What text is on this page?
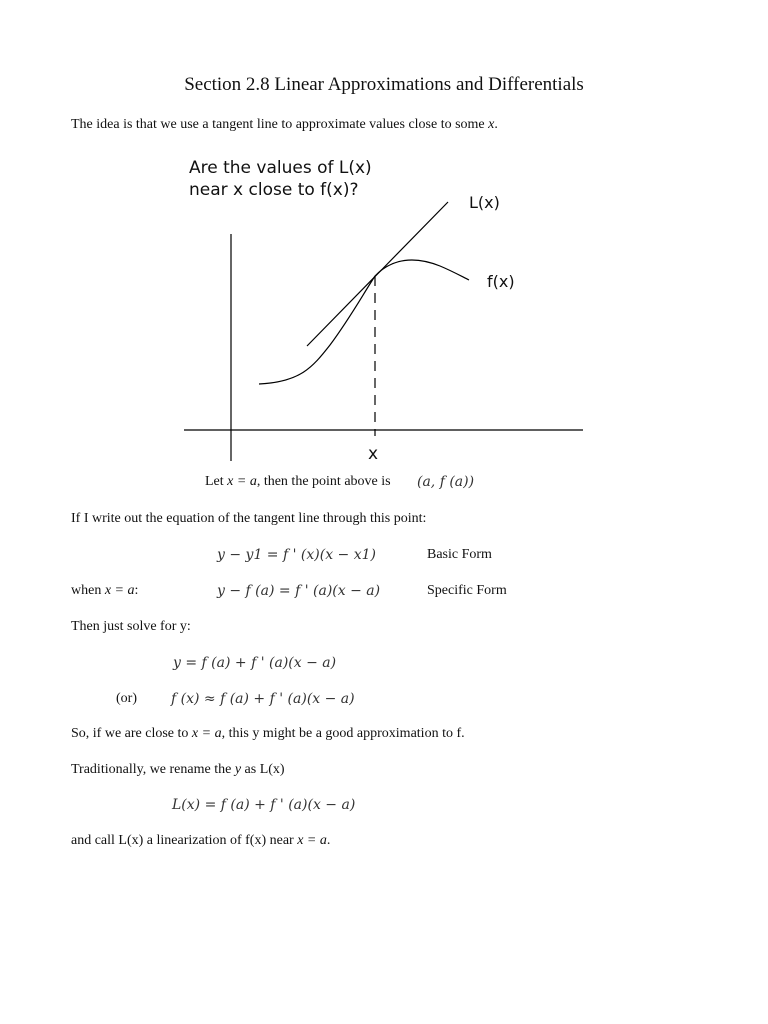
Section 2.8 Linear Approximations and Differentials
The idea is that we use a tangent line to approximate values close to some x.
Are the values of L(x)
near x close to f(x)?
L(x)
f(x)
x
Let x = a, then the point above is (a, f (a))
If I write out the equation of the tangent line through this point:
y − y1 = f ' (x)(x − x1)	Basic Form
when x = a:	y − f (a) = f ' (a)(x − a)	Specific Form
Then just solve for y:
y = f (a) + f ' (a)(x − a)
(or) f (x) ≈ f (a) + f ' (a)(x − a)
So, if we are close to x = a, this y might be a good approximation to f.
Traditionally, we rename the y as L(x)
L(x) = f (a) + f ' (a)(x − a)
and call L(x) a linearization of f(x) near x = a.
